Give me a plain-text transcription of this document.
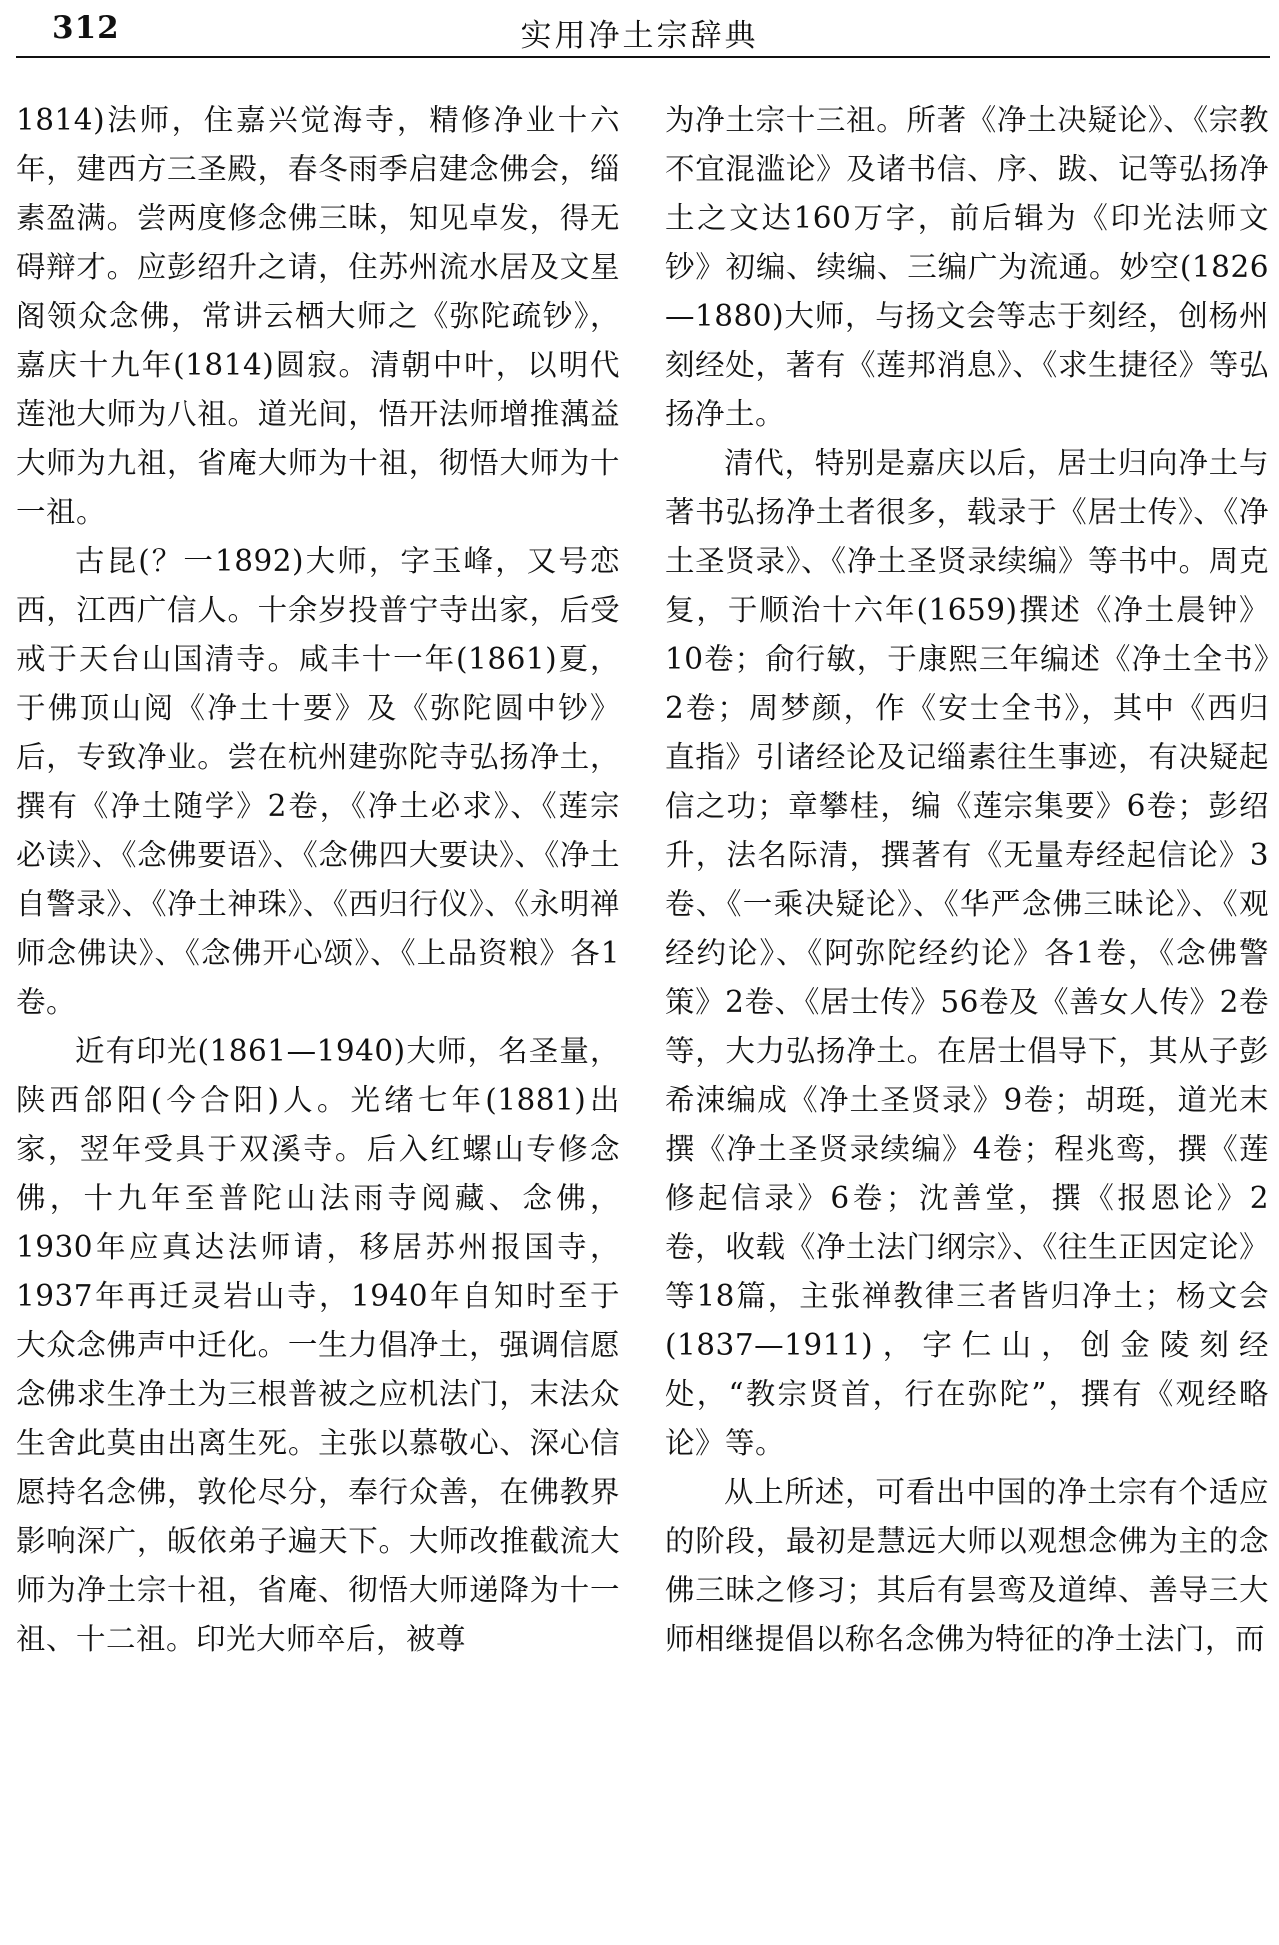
312	实用净土宗辞典

1814)法师，住嘉兴觉海寺，精修净业十六年，建西方三圣殿，春冬雨季启建念佛会，缁素盈满。尝两度修念佛三昧，知见卓发，得无碍辩才。应彭绍升之请，住苏州流水居及文星阁领众念佛，常讲云栖大师之《弥陀疏钞》，嘉庆十九年(1814)圆寂。清朝中叶，以明代莲池大师为八祖。道光间，悟开法师增推蕅益大师为九祖，省庵大师为十祖，彻悟大师为十一祖。

古昆(？一1892)大师，字玉峰，又号恋西，江西广信人。十余岁投普宁寺出家，后受戒于天台山国清寺。咸丰十一年(1861)夏，于佛顶山阅《净土十要》及《弥陀圆中钞》后，专致净业。尝在杭州建弥陀寺弘扬净土，撰有《净土随学》2卷，《净土必求》、《莲宗必读》、《念佛要语》、《念佛四大要诀》、《净土自警录》、《净土神珠》、《西归行仪》、《永明禅师念佛诀》、《念佛开心颂》、《上品资粮》各1卷。

近有印光(1861—1940)大师，名圣量，陕西郃阳(今合阳)人。光绪七年(1881)出家，翌年受具于双溪寺。后入红螺山专修念佛，十九年至普陀山法雨寺阅藏、念佛，1930年应真达法师请，移居苏州报国寺，1937年再迁灵岩山寺，1940年自知时至于大众念佛声中迁化。一生力倡净土，强调信愿念佛求生净土为三根普被之应机法门，末法众生舍此莫由出离生死。主张以慕敬心、深心信愿持名念佛，敦伦尽分，奉行众善，在佛教界影响深广，皈依弟子遍天下。大师改推截流大师为净土宗十祖，省庵、彻悟大师递降为十一祖、十二祖。印光大师卒后，被尊

为净土宗十三祖。所著《净土决疑论》、《宗教不宜混滥论》及诸书信、序、跋、记等弘扬净土之文达160万字，前后辑为《印光法师文钞》初编、续编、三编广为流通。妙空(1826—1880)大师，与扬文会等志于刻经，创杨州刻经处，著有《莲邦消息》、《求生捷径》等弘扬净土。

清代，特别是嘉庆以后，居士归向净土与著书弘扬净土者很多，载录于《居士传》、《净土圣贤录》、《净土圣贤录续编》等书中。周克复，于顺治十六年(1659)撰述《净土晨钟》10卷；俞行敏，于康熙三年编述《净土全书》2卷；周梦颜，作《安士全书》，其中《西归直指》引诸经论及记缁素往生事迹，有决疑起信之功；章攀桂，编《莲宗集要》6卷；彭绍升，法名际清，撰著有《无量寿经起信论》3卷、《一乘决疑论》、《华严念佛三昧论》、《观经约论》、《阿弥陀经约论》各1卷，《念佛警策》2卷、《居士传》56卷及《善女人传》2卷等，大力弘扬净土。在居士倡导下，其从子彭希涑编成《净土圣贤录》9卷；胡珽，道光末撰《净土圣贤录续编》4卷；程兆鸾，撰《莲修起信录》6卷；沈善堂，撰《报恩论》2卷，收载《净土法门纲宗》、《往生正因定论》等18篇，主张禅教律三者皆归净土；杨文会(1837—1911)，字仁山，创金陵刻经处，“教宗贤首，行在弥陀”，撰有《观经略论》等。

从上所述，可看出中国的净土宗有个适应的阶段，最初是慧远大师以观想念佛为主的念佛三昧之修习；其后有昙鸾及道绰、善导三大师相继提倡以称名念佛为特征的净土法门，而
